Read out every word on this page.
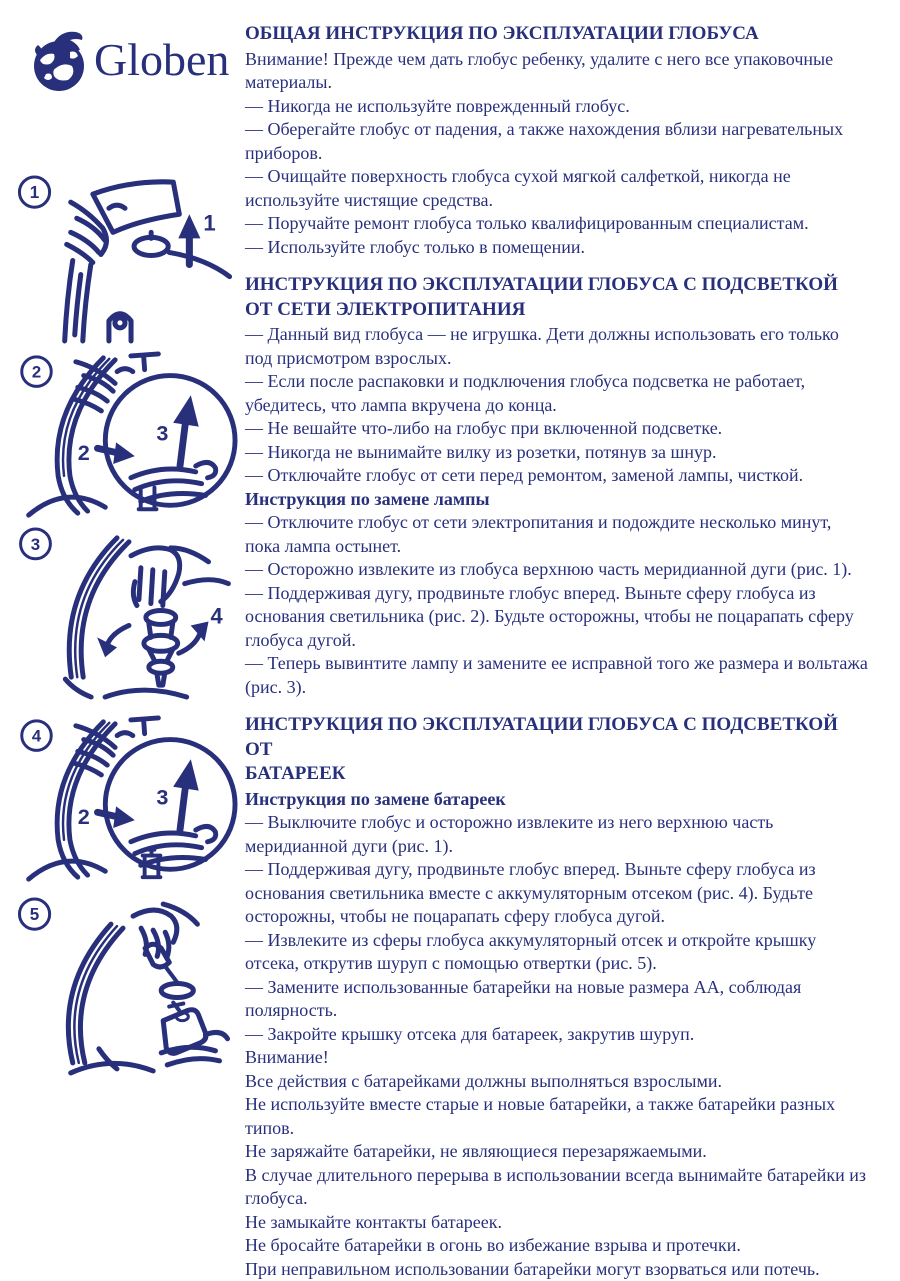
Globen
1
1
2
2
3
3
4
4
2
3
5
ОБЩАЯ ИНСТРУКЦИЯ ПО ЭКСПЛУАТАЦИИ ГЛОБУСА

Внимание! Прежде чем дать глобус ребенку, удалите с него все упаковочные материалы.

— Никогда не используйте поврежденный глобус.

— Оберегайте глобус от падения, а также нахождения вблизи нагревательных приборов.

— Очищайте поверхность глобуса сухой мягкой салфеткой, никогда не используйте чистящие средства.

— Поручайте ремонт глобуса только квалифицированным специалистам.

— Используйте глобус только в помещении.

ИНСТРУКЦИЯ ПО ЭКСПЛУАТАЦИИ ГЛОБУСА С ПОДСВЕТКОЙ
ОТ СЕТИ ЭЛЕКТРОПИТАНИЯ

— Данный вид глобуса — не игрушка. Дети должны использовать его только под присмотром взрослых.

— Если после распаковки и подключения глобуса подсветка не работает, убедитесь, что лампа вкручена до конца.

— Не вешайте что-либо на глобус при включенной подсветке.

— Никогда не вынимайте вилку из розетки, потянув за шнур.

— Отключайте глобус от сети перед ремонтом, заменой лампы, чисткой.

Инструкция по замене лампы

— Отключите глобус от сети электропитания и подождите несколько минут, пока лампа остынет.

— Осторожно извлеките из глобуса верхнюю часть меридианной дуги (рис. 1).

— Поддерживая дугу, продвиньте глобус вперед. Выньте сферу глобуса из основания светильника (рис. 2). Будьте осторожны, чтобы не поцарапать сферу глобуса дугой.

— Теперь вывинтите лампу и замените ее исправной того же размера и вольтажа (рис. 3).

ИНСТРУКЦИЯ ПО ЭКСПЛУАТАЦИИ ГЛОБУСА С ПОДСВЕТКОЙ ОТ
БАТАРЕЕК

Инструкция по замене батареек

— Выключите глобус и осторожно извлеките из него верхнюю часть меридианной дуги (рис. 1).

— Поддерживая дугу, продвиньте глобус вперед. Выньте сферу глобуса из основания светильника вместе с аккумуляторным отсеком (рис. 4). Будьте осторожны, чтобы не поцарапать сферу глобуса дугой.

— Извлеките из сферы глобуса аккумуляторный отсек и откройте крышку отсека, открутив шуруп с помощью отвертки (рис. 5).

— Замените использованные батарейки на новые размера АА, соблюдая полярность.

— Закройте крышку отсека для батареек, закрутив шуруп.

Внимание!

Все действия с батарейками должны выполняться взрослыми.

Не используйте вместе старые и новые батарейки, а также батарейки разных типов.

Не заряжайте батарейки, не являющиеся перезаряжаемыми.

В случае длительного перерыва в использовании всегда вынимайте батарейки из глобуса.

Не замыкайте контакты батареек.

Не бросайте батарейки в огонь во избежание взрыва и протечки.

При неправильном использовании батарейки могут взорваться или потечь.
